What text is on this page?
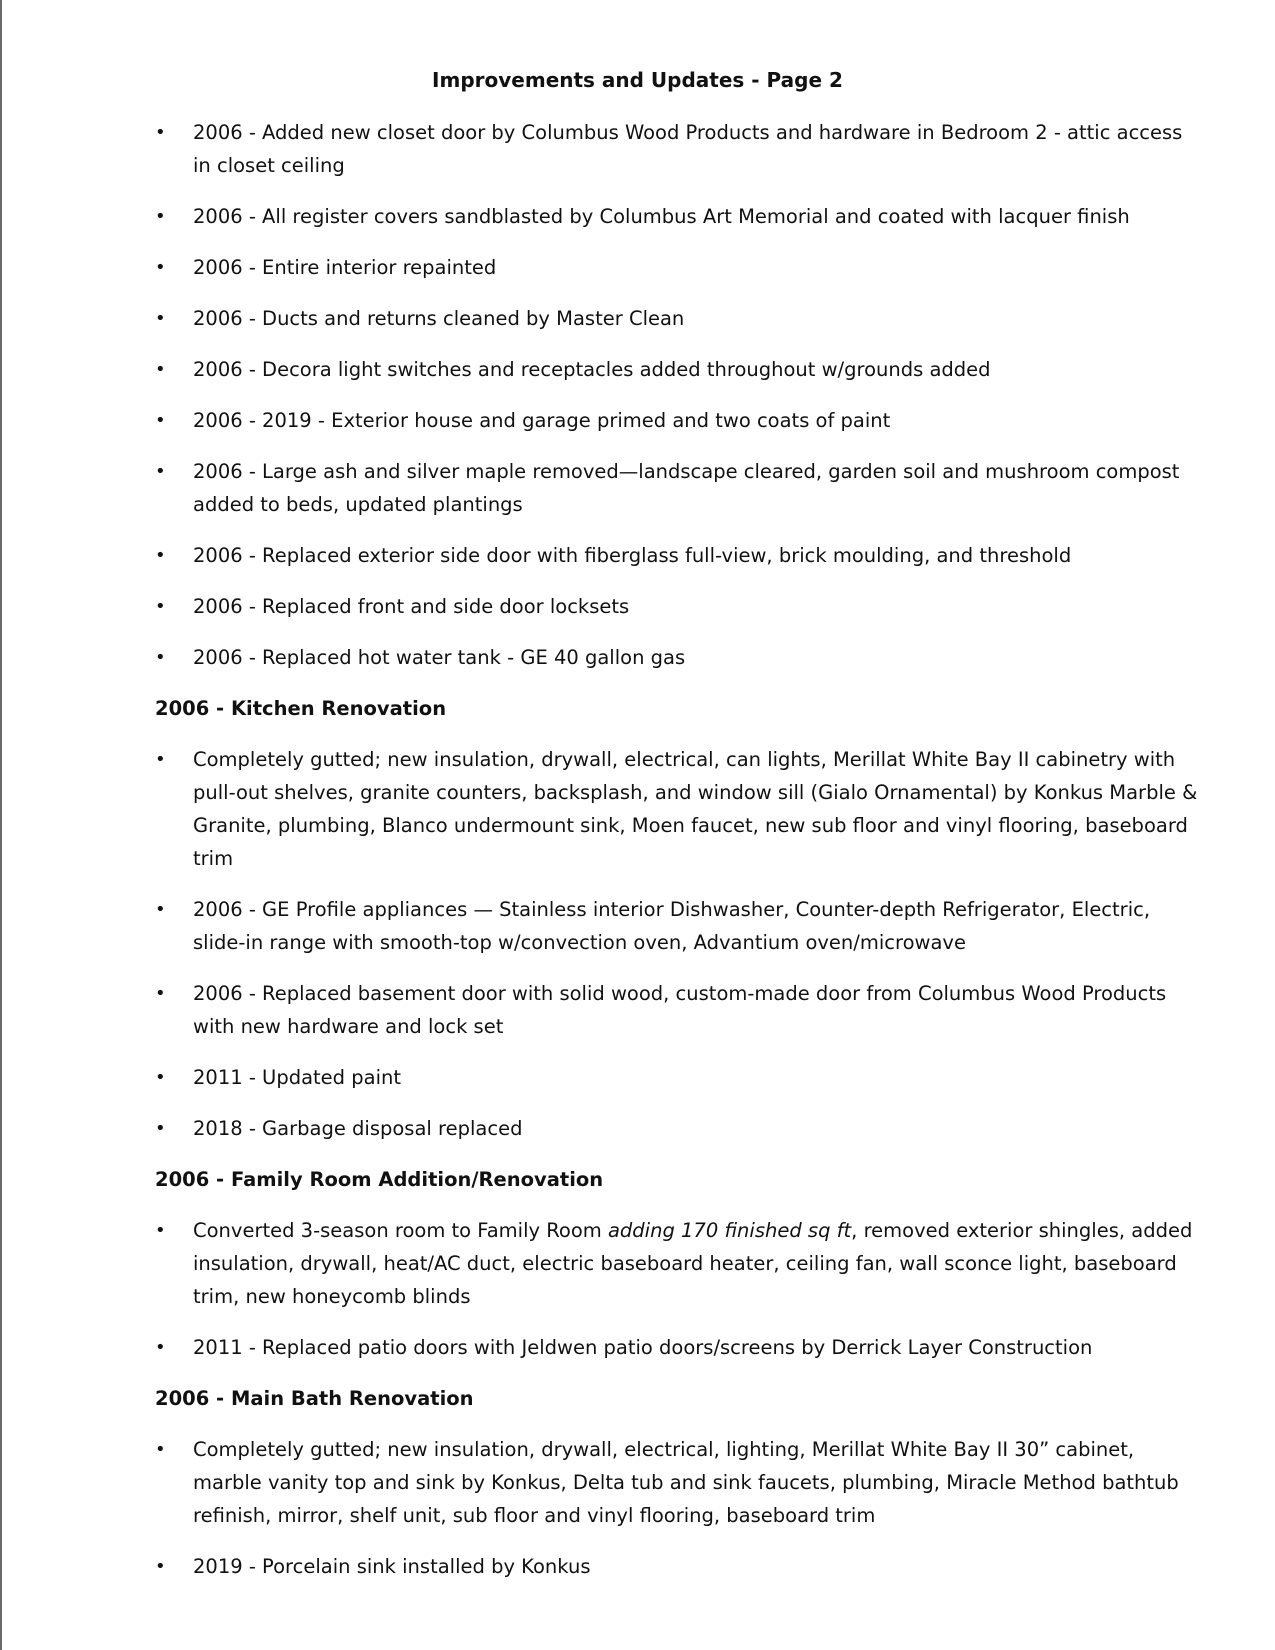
Improvements and Updates - Page 2
• 2006 - Added new closet door by Columbus Wood Products and hardware in Bedroom 2 - attic access in closet ceiling
• 2006 - All register covers sandblasted by Columbus Art Memorial and coated with lacquer finish
• 2006 - Entire interior repainted
• 2006 - Ducts and returns cleaned by Master Clean
• 2006 - Decora light switches and receptacles added throughout w/grounds added
• 2006 - 2019 - Exterior house and garage primed and two coats of paint
• 2006 - Large ash and silver maple removed—landscape cleared, garden soil and mushroom compost added to beds, updated plantings
• 2006 - Replaced exterior side door with fiberglass full-view, brick moulding, and threshold
• 2006 - Replaced front and side door locksets
• 2006 - Replaced hot water tank - GE 40 gallon gas
2006 - Kitchen Renovation
• Completely gutted; new insulation, drywall, electrical, can lights, Merillat White Bay II cabinetry with pull-out shelves, granite counters, backsplash, and window sill (Gialo Ornamental) by Konkus Marble & Granite, plumbing, Blanco undermount sink, Moen faucet, new sub floor and vinyl flooring, baseboard trim
• 2006 - GE Profile appliances — Stainless interior Dishwasher, Counter-depth Refrigerator, Electric, slide-in range with smooth-top w/convection oven, Advantium oven/microwave
• 2006 - Replaced basement door with solid wood, custom-made door from Columbus Wood Products with new hardware and lock set
• 2011 - Updated paint
• 2018 - Garbage disposal replaced
2006 - Family Room Addition/Renovation
• Converted 3-season room to Family Room adding 170 finished sq ft, removed exterior shingles, added insulation, drywall, heat/AC duct, electric baseboard heater, ceiling fan, wall sconce light, baseboard trim, new honeycomb blinds
• 2011 - Replaced patio doors with Jeldwen patio doors/screens by Derrick Layer Construction
2006 - Main Bath Renovation
• Completely gutted; new insulation, drywall, electrical, lighting, Merillat White Bay II 30” cabinet, marble vanity top and sink by Konkus, Delta tub and sink faucets, plumbing, Miracle Method bathtub refinish, mirror, shelf unit, sub floor and vinyl flooring, baseboard trim
• 2019 - Porcelain sink installed by Konkus
